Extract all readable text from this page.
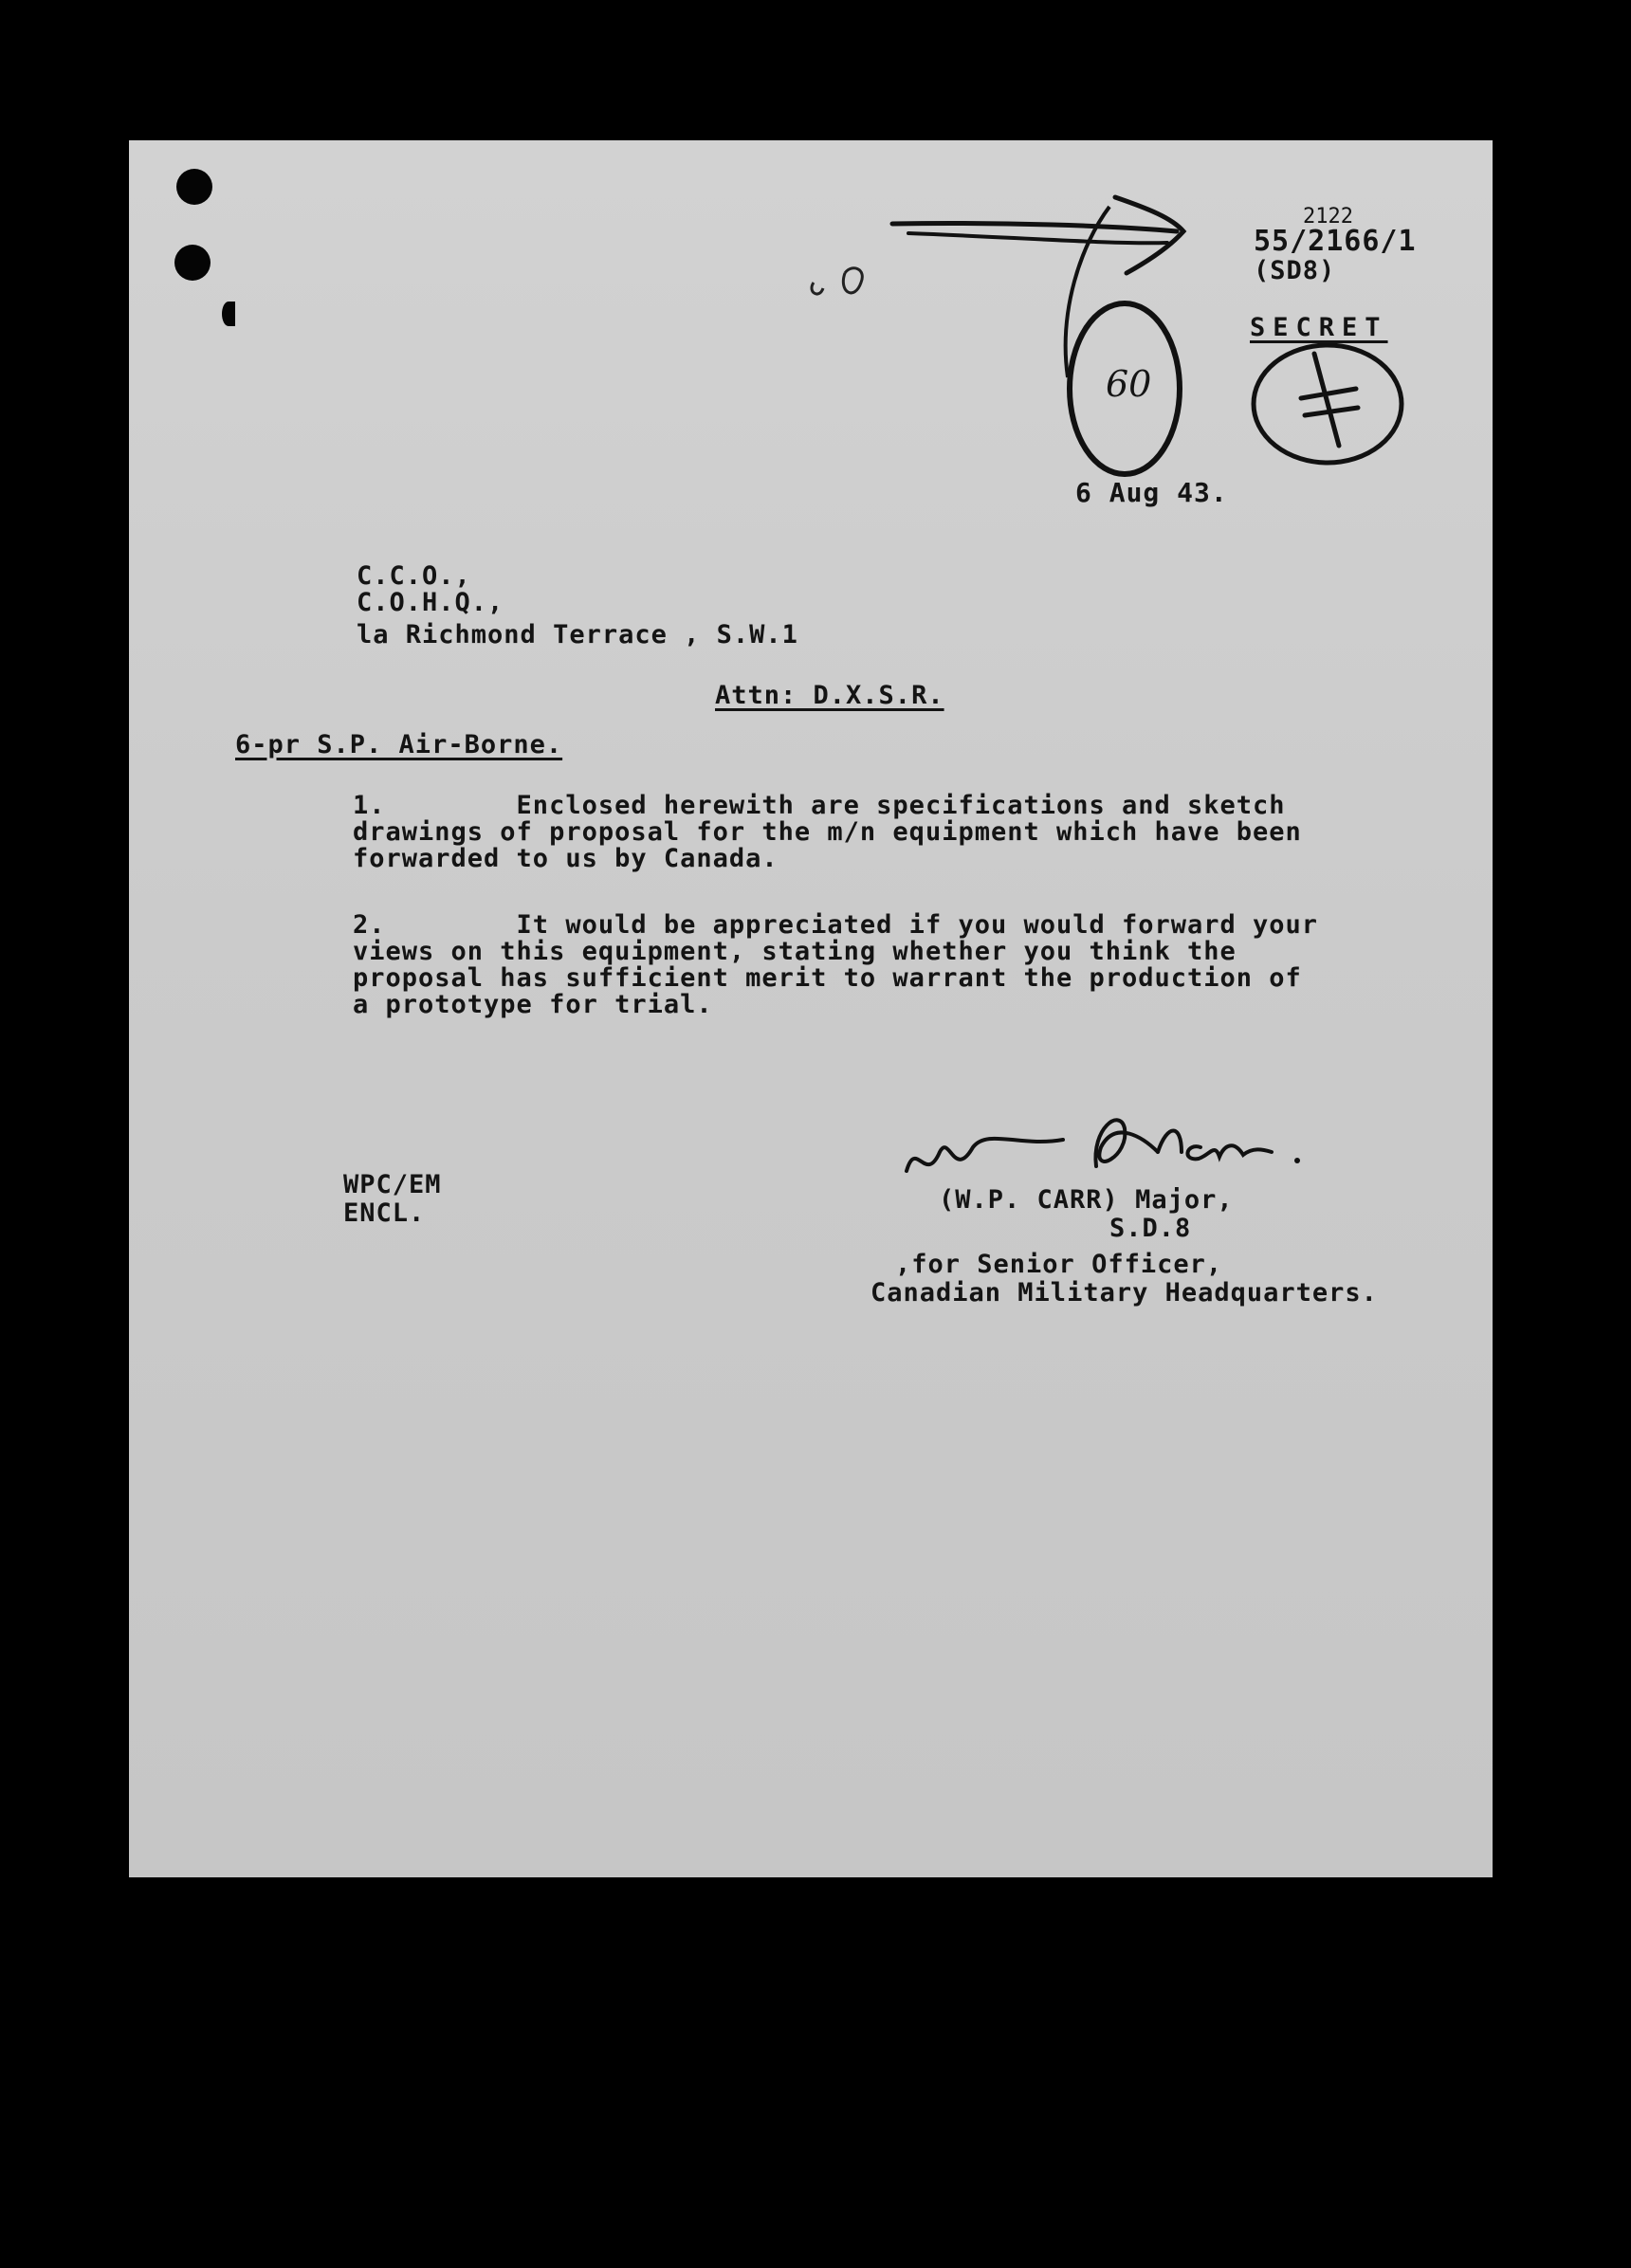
60
2122
55/2166/1
(SD8)
SECRET
6 Aug 43.
C.C.O.,
C.O.H.Q.,
la Richmond Terrace , S.W.1
Attn: D.X.S.R.
6-pr S.P. Air-Borne.
1.        Enclosed herewith are specifications and sketch
drawings of proposal for the m/n equipment which have been
forwarded to us by Canada.
2.        It would be appreciated if you would forward your
views on this equipment, stating whether you think the
proposal has sufficient merit to warrant the production of
a prototype for trial.
WPC/EM
ENCL.	(W.P. CARR) Major,
S.D.8
,for Senior Officer,
Canadian Military Headquarters.
